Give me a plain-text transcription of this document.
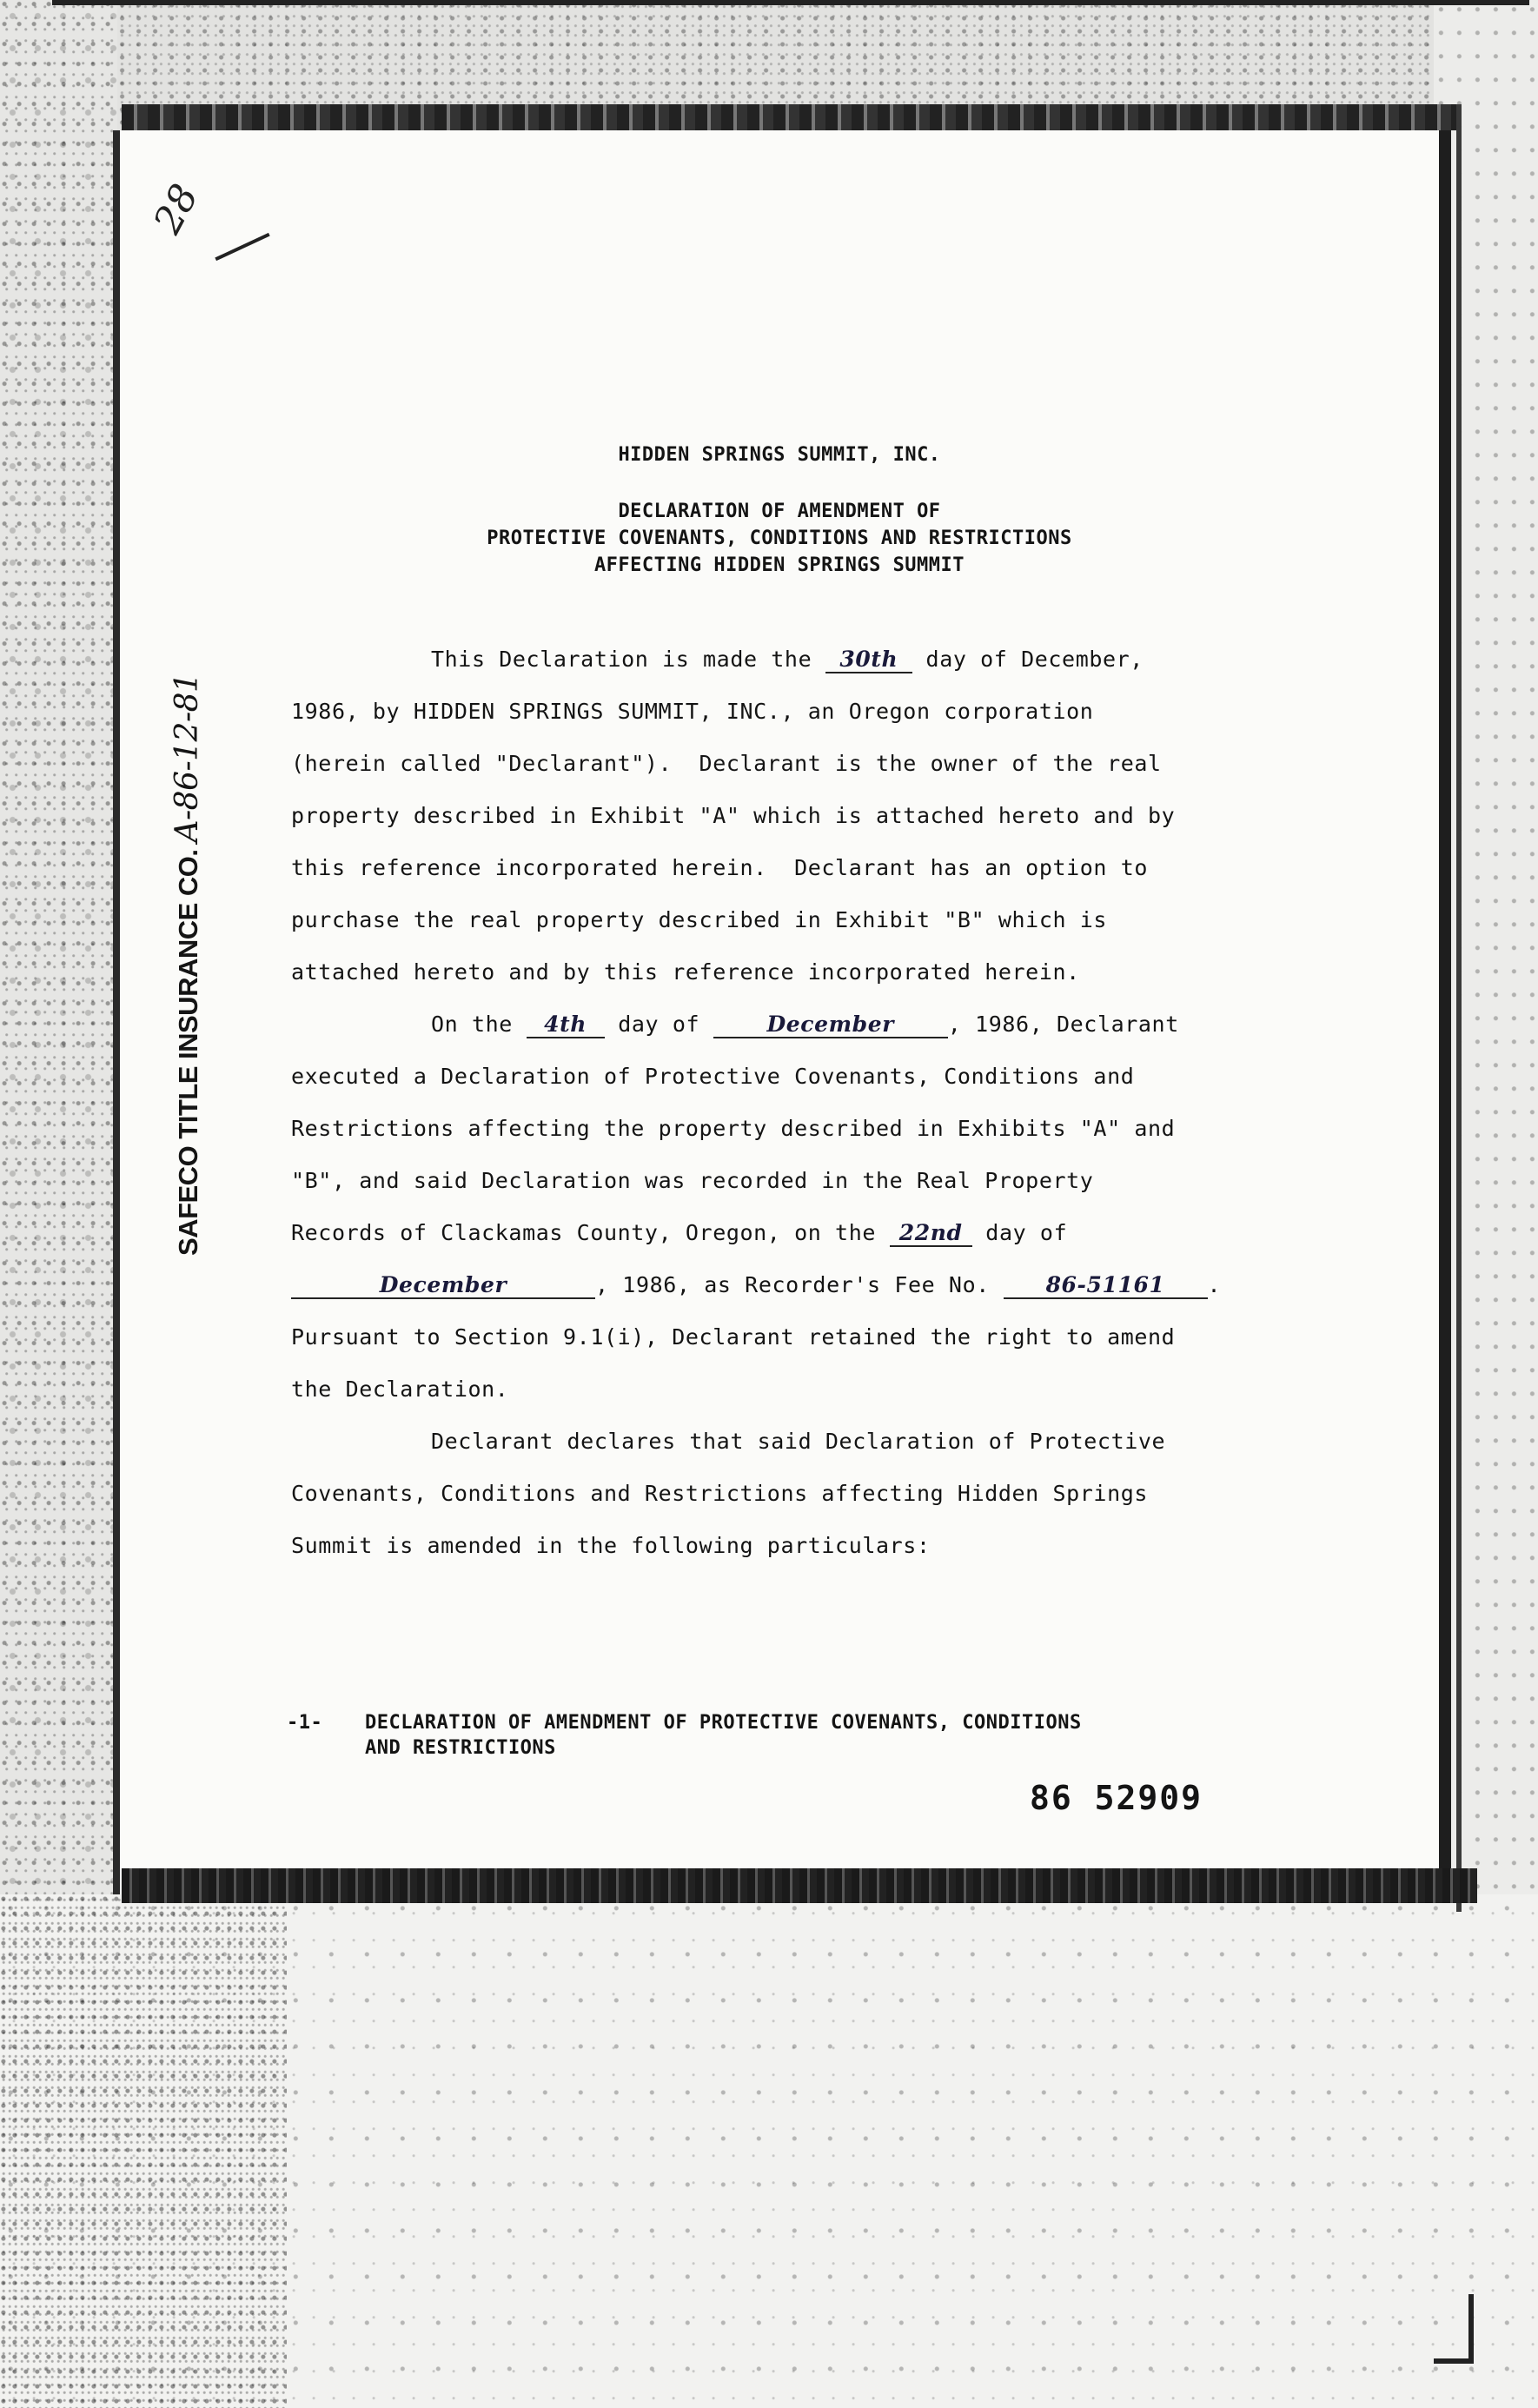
28
SAFECO TITLE INSURANCE CO.A-86-12-81
HIDDEN SPRINGS SUMMIT, INC.
DECLARATION OF AMENDMENT OF
PROTECTIVE COVENANTS, CONDITIONS AND RESTRICTIONS
AFFECTING HIDDEN SPRINGS SUMMIT
This Declaration is made the 30th day of December,
1986, by HIDDEN SPRINGS SUMMIT, INC., an Oregon corporation
(herein called "Declarant").  Declarant is the owner of the real
property described in Exhibit "A" which is attached hereto and by
this reference incorporated herein.  Declarant has an option to
purchase the real property described in Exhibit "B" which is
attached hereto and by this reference incorporated herein.
On the 4th day of December , 1986, Declarant
executed a Declaration of Protective Covenants, Conditions and
Restrictions affecting the property described in Exhibits "A" and
"B", and said Declaration was recorded in the Real Property
Records of Clackamas County, Oregon, on the 22nd day of
December	, 1986, as Recorder's Fee No. 86-51161 .
Pursuant to Section 9.1(i), Declarant retained the right to amend
the Declaration.
Declarant declares that said Declaration of Protective
Covenants, Conditions and Restrictions affecting Hidden Springs
Summit is amended in the following particulars:
-1- DECLARATION OF AMENDMENT OF PROTECTIVE COVENANTS, CONDITIONS
AND RESTRICTIONS
86 52909
